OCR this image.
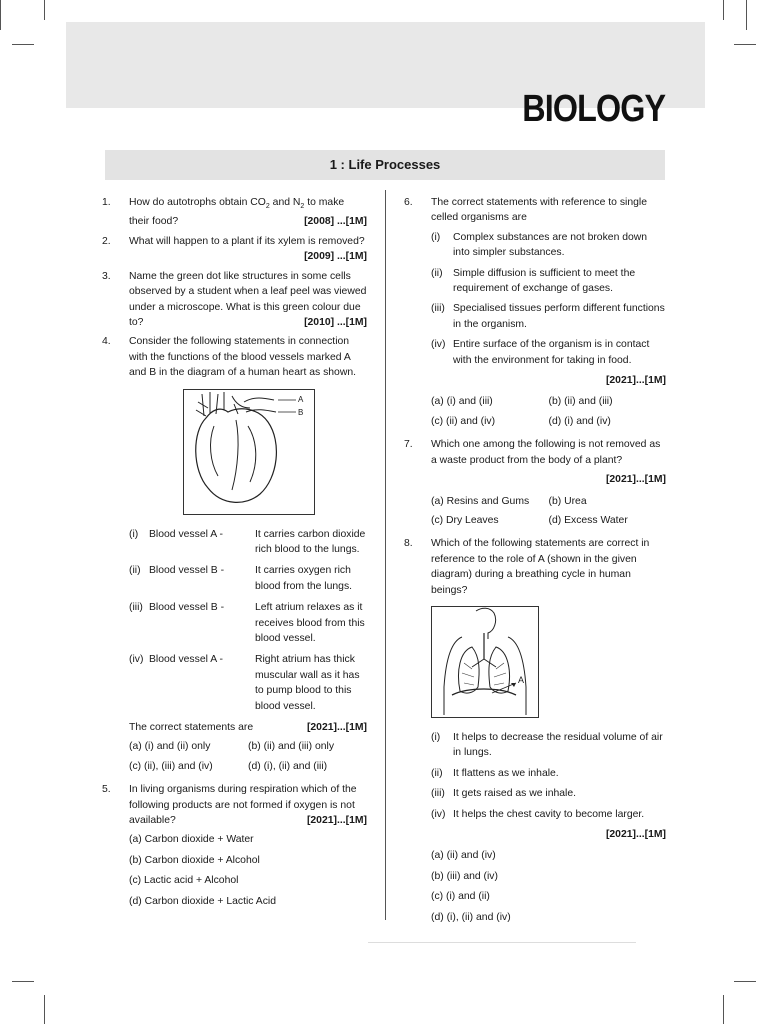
BIOLOGY
1 : Life Processes
1.	How do autotrophs obtain $CO_2$ and $N_2$ to make their food?	[2008] ...[1M]
2.	What will happen to a plant if its xylem is removed?
[2009] ...[1M]
3.	Name the green dot like structures in some cells observed by a student when a leaf peel was viewed under a microscope. What is this green colour due to?	[2010] ...[1M]
4.	Consider the following statements in connection with the functions of the blood vessels marked A and B in the diagram of a human heart as shown.
A
B
(i)	Blood vessel A -	It carries carbon dioxide rich blood to the lungs.
(ii) Blood vessel B -	It carries oxygen rich blood from the lungs.
(iii) Blood vessel B -	Left atrium relaxes as it receives blood from this blood vessel.
(iv) Blood vessel A -	Right atrium has thick muscular wall as it has to pump blood to this blood vessel.
The correct statements are	[2021]...[1M]
(a) (i) and (ii) only	(b) (ii) and (iii) only
(c) (ii), (iii) and (iv)	(d) (i), (ii) and (iii)
5.	In living organisms during respiration which of the following products are not formed if oxygen is not available?	[2021]...[1M]
(a) Carbon dioxide + Water
(b) Carbon dioxide + Alcohol
(c) Lactic acid + Alcohol
(d) Carbon dioxide + Lactic Acid
6.	The correct statements with reference to single celled organisms are
(i)	Complex substances are not broken down into simpler substances.
(ii)	Simple diffusion is sufficient to meet the requirement of exchange of gases.
(iii) Specialised tissues perform different functions in the organism.
(iv) Entire surface of the organism is in contact with the environment for taking in food.
[2021]...[1M]
(a) (i) and (iii)	(b) (ii) and (iii)
(c) (ii) and (iv)	(d) (i) and (iv)
7.	Which one among the following is not removed as a waste product from the body of a plant?
[2021]...[1M]
(a) Resins and Gums	(b) Urea
(c) Dry Leaves	(d) Excess Water
8.	Which of the following statements are correct in reference to the role of A (shown in the given diagram) during a breathing cycle in human beings?
A
(i)	It helps to decrease the residual volume of air in lungs.
(ii)	It flattens as we inhale.
(iii) It gets raised as we inhale.
(iv) It helps the chest cavity to become larger.
[2021]...[1M]
(a) (ii) and (iv)
(b) (iii) and (iv)
(c) (i) and (ii)
(d) (i), (ii) and (iv)
